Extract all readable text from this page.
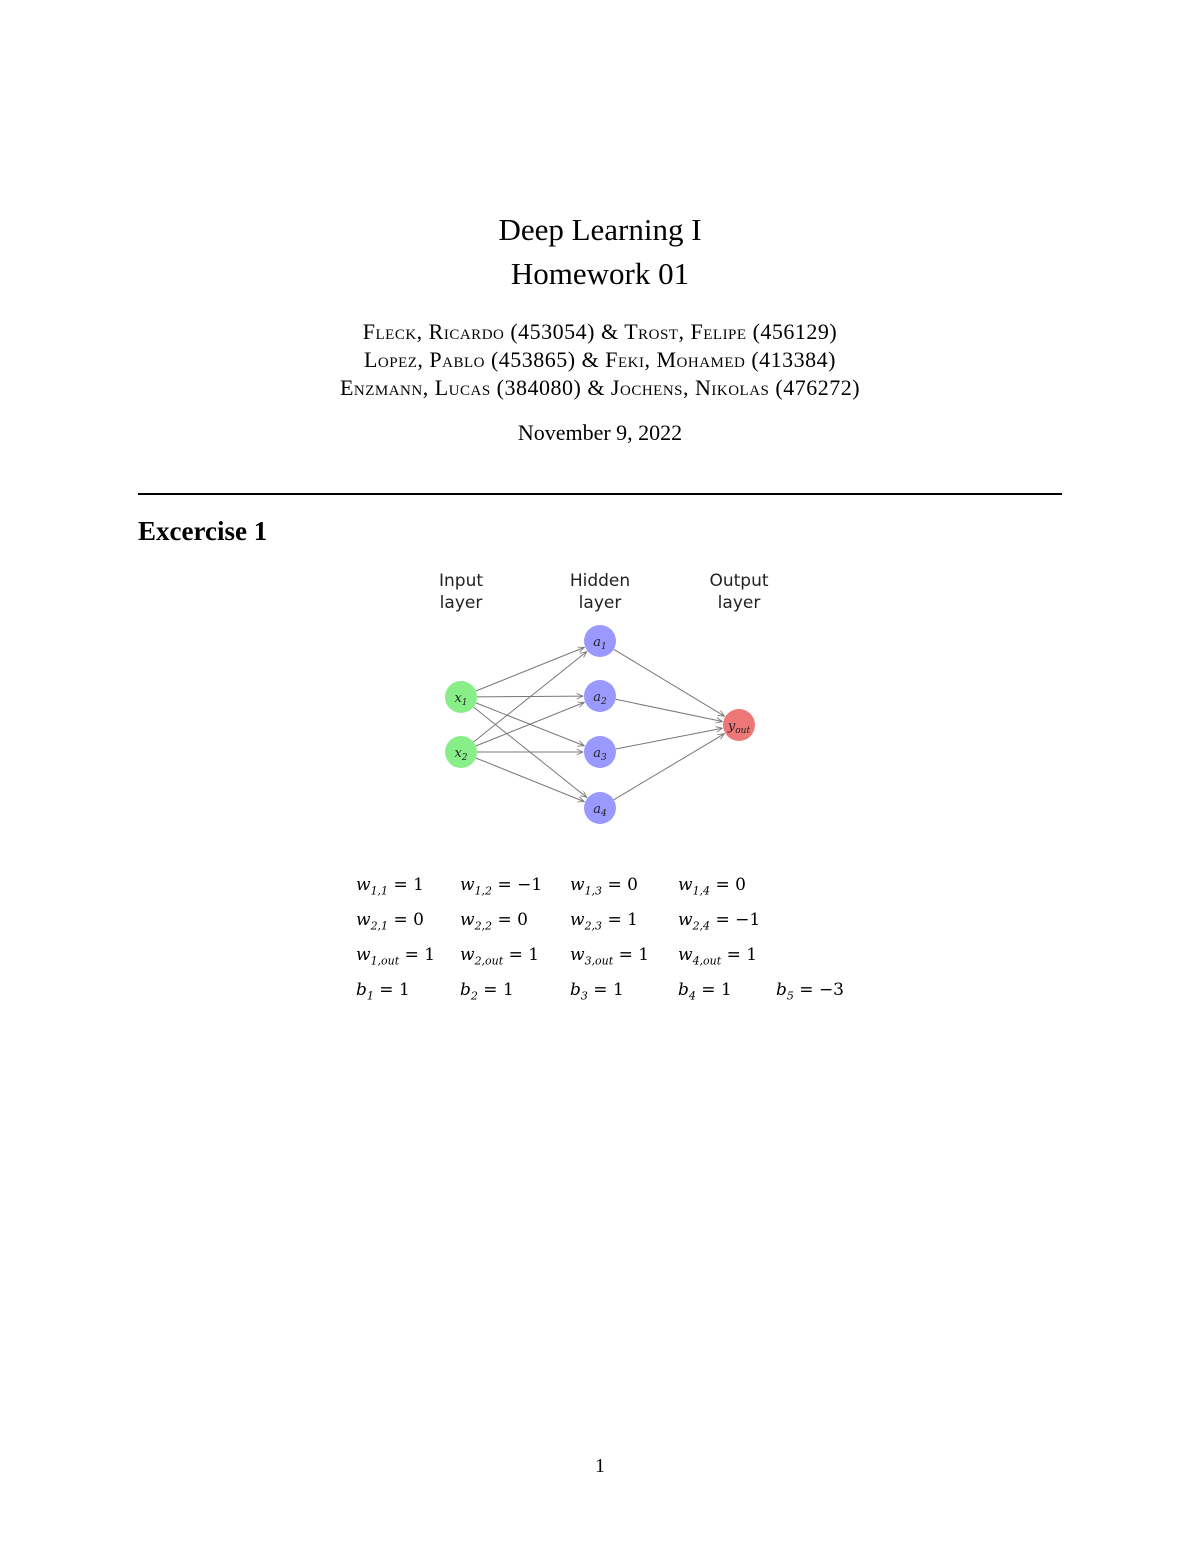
Deep Learning I
Homework 01
Fleck, Ricardo (453054) & Trost, Felipe (456129)
Lopez, Pablo (453865) & Feki, Mohamed (413384)
Enzmann, Lucas (384080) & Jochens, Nikolas (476272)
November 9, 2022
Excercise 1
Input
layer
Hidden
layer
Output
layer
$x_1$
$x_2$
$a_1$
$a_2$
$a_3$
$a_4$
$y_{out}$
$w_{1,1} = 1$ $w_{1,2} = -1$ $w_{1,3} = 0$ $w_{1,4} = 0$
$w_{2,1} = 0$ $w_{2,2} = 0$ $w_{2,3} = 1$ $w_{2,4} = -1$
$w_{1,out} = 1$ $w_{2,out} = 1$ $w_{3,out} = 1$ $w_{4,out} = 1$
$b_1 = 1$	$b_2 = 1$	$b_3 = 1$	$b_4 = 1$	$b_5 = -3$
1
